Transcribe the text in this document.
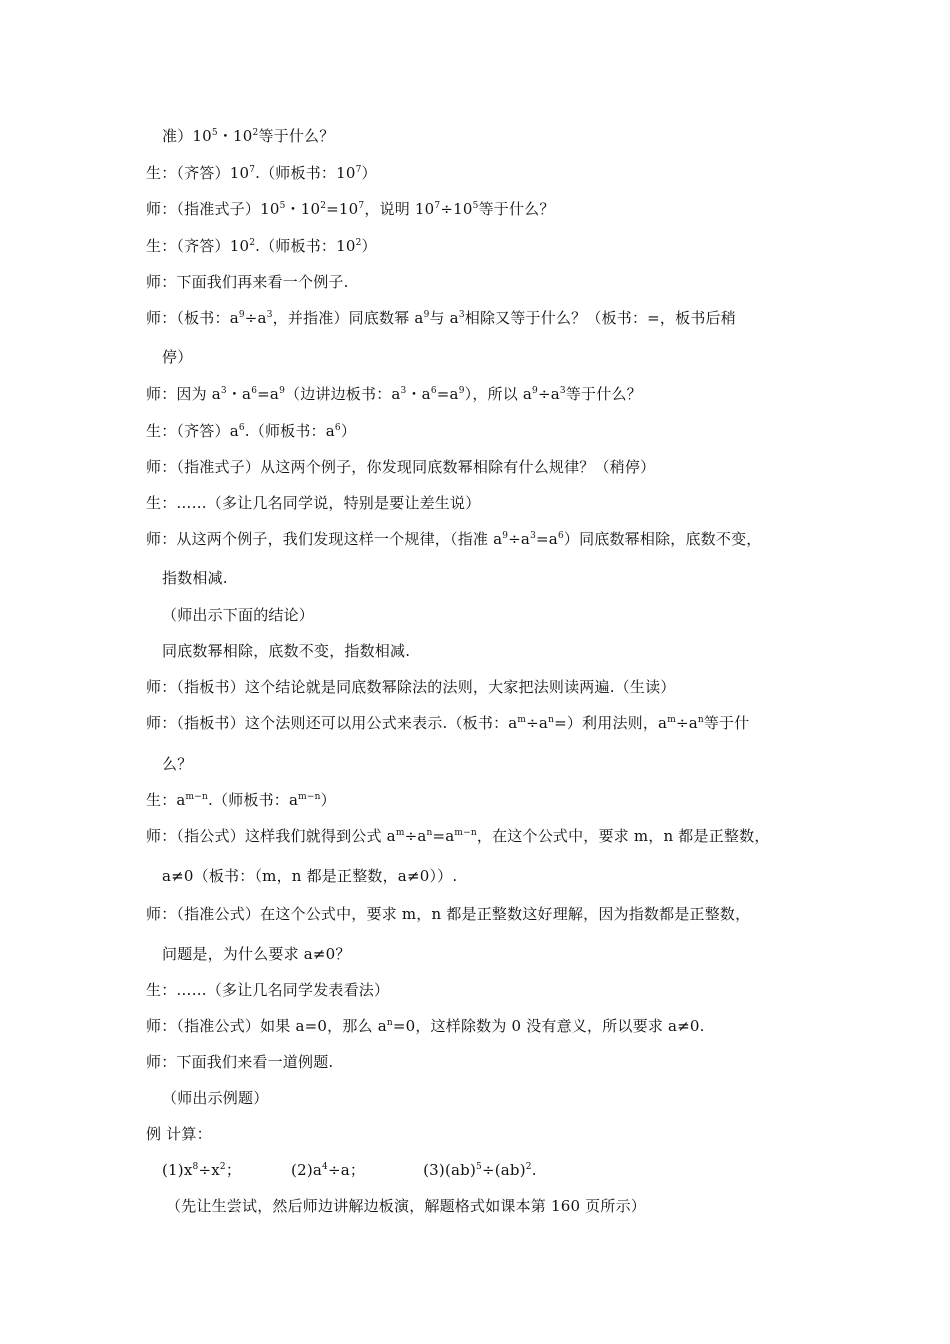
准）$10^5$・$10^2$等于什么？
生：（齐答）$10^7$.（师板书：$10^7$）
师：（指准式子）$10^5$・$10^2=10^7$，说明 $10^7\div 10^5$等于什么？
生：（齐答）$10^2$.（师板书：$10^2$）
师：下面我们再来看一个例子.
师：（板书：$a^9\div a^3$，并指准）同底数幂 $a^9$与 $a^3$相除又等于什么？（板书：=，板书后稍
停）
师：因为 $a^3$・$a^6=a^9$（边讲边板书：$a^3$・$a^6=a^9$），所以 $a^9\div a^3$等于什么？
生：（齐答）$a^6$.（师板书：$a^6$）
师：（指准式子）从这两个例子，你发现同底数幂相除有什么规律？（稍停）
生：……（多让几名同学说，特别是要让差生说）
师：从这两个例子，我们发现这样一个规律，（指准 $a^9\div a^3=a^6$）同底数幂相除，底数不变，
指数相减.
（师出示下面的结论）
同底数幂相除，底数不变，指数相减.
师：（指板书）这个结论就是同底数幂除法的法则，大家把法则读两遍.（生读）
师：（指板书）这个法则还可以用公式来表示.（板书：$a^m\div a^n=$）利用法则，$a^m\div a^n$等于什
么？
生：$a^{m-n}$.（师板书：$a^{m-n}$）
师：（指公式）这样我们就得到公式 $a^m\div a^n=a^{m-n}$，在这个公式中，要求 m，n 都是正整数，
a≠0（板书：（m，n 都是正整数，a≠0））.
师：（指准公式）在这个公式中，要求 m，n 都是正整数这好理解，因为指数都是正整数，
问题是，为什么要求 a≠0？
生：……（多让几名同学发表看法）
师：（指准公式）如果 a=0，那么 $a^n=0$，这样除数为 0 没有意义，所以要求 a≠0.
师：下面我们来看一道例题.
（师出示例题）
例 计算：
$(1)x^8\div x^2$；	$(2)a^4\div a$；	(3)(ab)$^5$÷(ab)$^2$.
（先让生尝试，然后师边讲解边板演，解题格式如课本第 160 页所示）
